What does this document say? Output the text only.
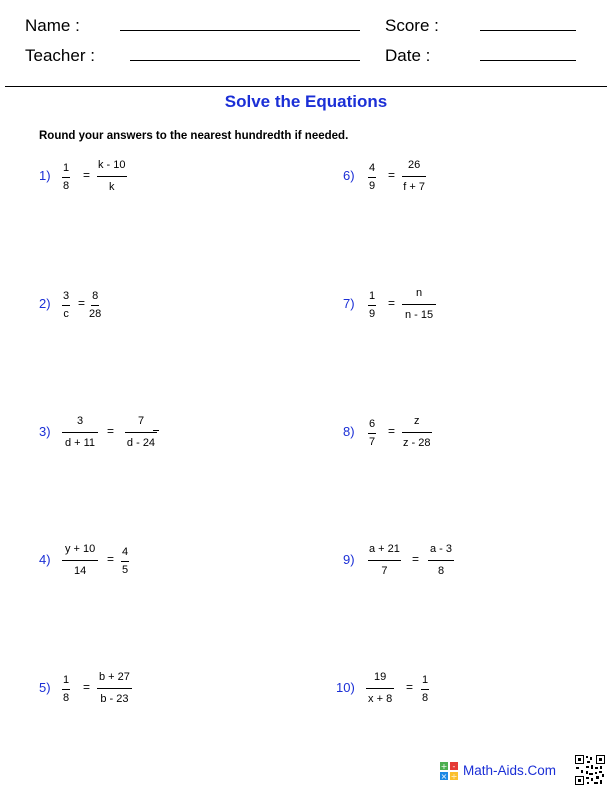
Name :	Score :
Teacher :	Date :
Solve the Equations
Round your answers to the nearest hundredth if needed.
$1) \frac{1}{8} = \frac{k - 10}{k}$
$2) \frac{3}{c} = \frac{8}{28}$
$3) \frac{3}{d + 11} = \frac{7}{d - 24}$
$4) \frac{y + 10}{14} = \frac{4}{5}$
$5) \frac{1}{8} = \frac{b + 27}{b - 23}$
$6) \frac{4}{9} = \frac{26}{f + 7}$
$7) \frac{1}{9} = \frac{n}{n - 15}$
$8) \frac{6}{7} = \frac{z}{z - 28}$
$9) \frac{a + 21}{7} = \frac{a - 3}{8}$
$10) \frac{19}{x + 8} = \frac{1}{8}$
+ -
× ÷ Math-Aids.Com
